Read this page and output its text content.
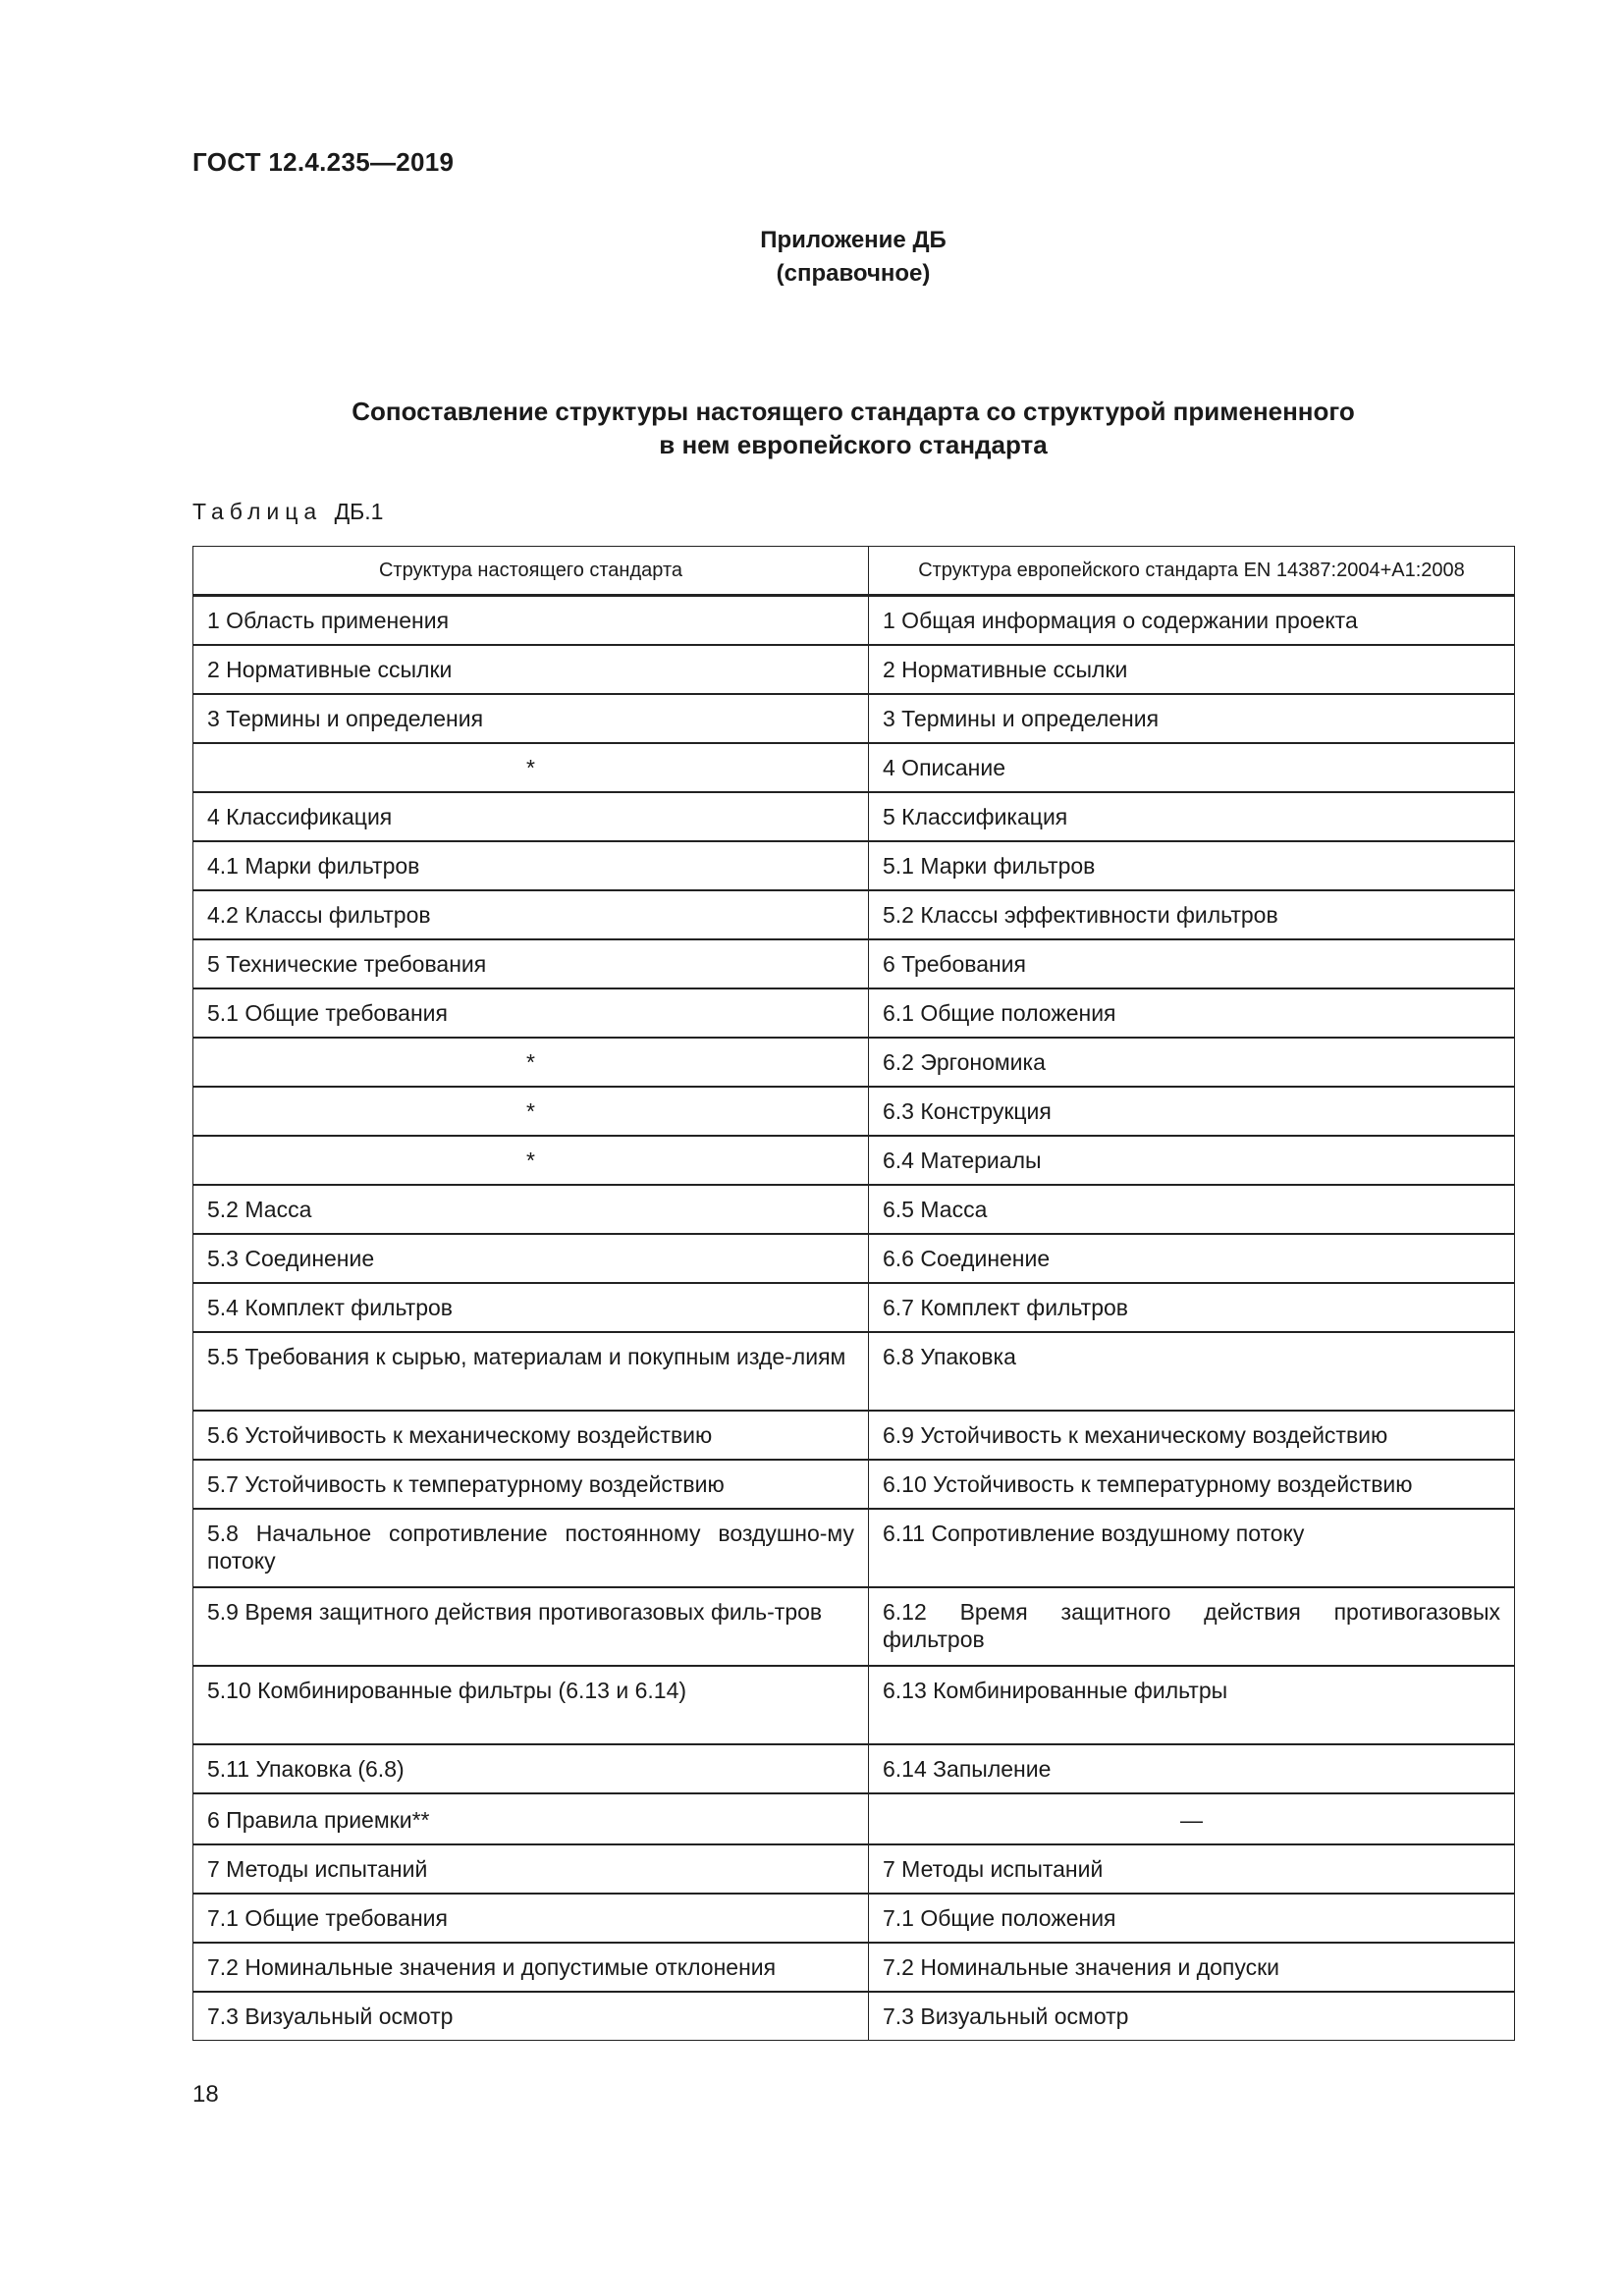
ГОСТ 12.4.235—2019
Приложение ДБ
(справочное)
Сопоставление структуры настоящего стандарта со структурой примененного
в нем европейского стандарта
Таблица ДБ.1
Структура настоящего стандарта	Структура европейского стандарта EN 14387:2004+A1:2008
1 Область применения	1 Общая информация о содержании проекта
2 Нормативные ссылки	2 Нормативные ссылки
3 Термины и определения	3 Термины и определения
*	4 Описание
4 Классификация	5 Классификация
4.1 Марки фильтров	5.1 Марки фильтров
4.2 Классы фильтров	5.2 Классы эффективности фильтров
5 Технические требования	6 Требования
5.1 Общие требования	6.1 Общие положения
*	6.2 Эргономика
*	6.3 Конструкция
*	6.4 Материалы
5.2 Масса	6.5 Масса
5.3 Соединение	6.6 Соединение
5.4 Комплект фильтров	6.7 Комплект фильтров
5.5 Требования к сырью, материалам и покупным изде-лиям	6.8 Упаковка
5.6 Устойчивость к механическому воздействию	6.9 Устойчивость к механическому воздействию
5.7 Устойчивость к температурному воздействию	6.10 Устойчивость к температурному воздействию
5.8 Начальное сопротивление постоянному воздушно-му потоку	6.11 Сопротивление воздушному потоку
5.9 Время защитного действия противогазовых филь-тров	6.12 Время защитного действия противогазовых фильтров
5.10 Комбинированные фильтры (6.13 и 6.14)	6.13 Комбинированные фильтры
5.11 Упаковка (6.8)	6.14 Запыление
6 Правила приемки**	—
7 Методы испытаний	7 Методы испытаний
7.1 Общие требования	7.1 Общие положения
7.2 Номинальные значения и допустимые отклонения	7.2 Номинальные значения и допуски
7.3 Визуальный осмотр	7.3 Визуальный осмотр
18
